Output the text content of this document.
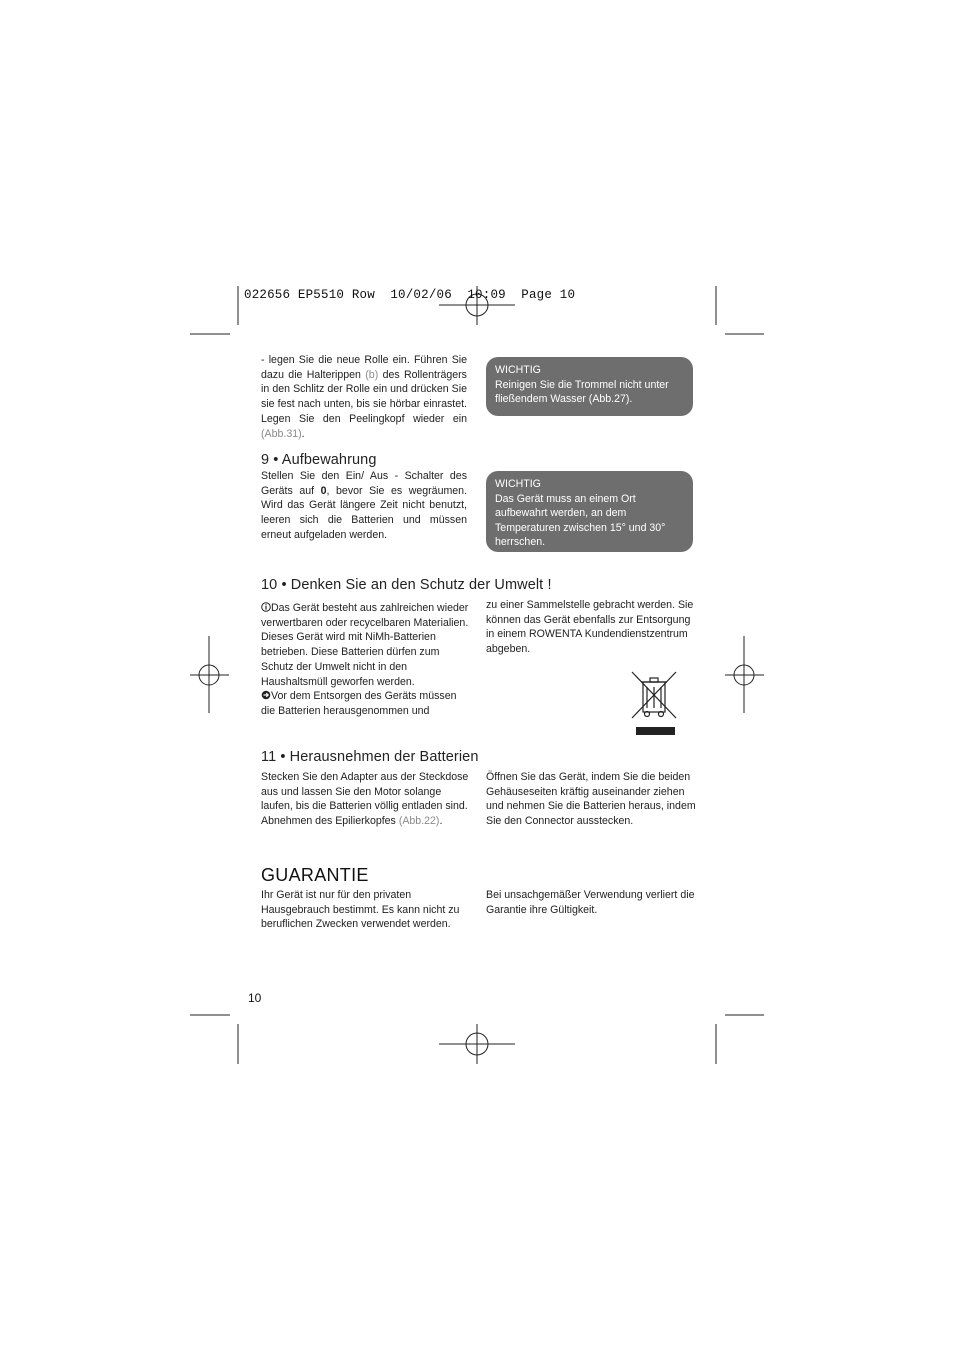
022656 EP5510 Row  10/02/06  10:09  Page 10
- legen Sie die neue Rolle ein. Führen Sie dazu die Halterippen (b) des Rollenträgers in den Schlitz der Rolle ein und drücken Sie sie fest nach unten, bis sie hörbar einrastet. Legen Sie den Peelingkopf wieder ein (Abb.31).
WICHTIG
Reinigen Sie die Trommel nicht unter fließendem Wasser (Abb.27).
9 • Aufbewahrung
Stellen Sie den Ein/ Aus - Schalter des Geräts auf 0, bevor Sie es wegräumen. Wird das Gerät längere Zeit nicht benutzt, leeren sich die Batterien und müssen erneut aufgeladen werden.
WICHTIG
Das Gerät muss an einem Ort aufbewahrt werden, an dem Temperaturen zwischen 15° und 30° herrschen.
10 • Denken Sie an den Schutz der Umwelt !
Das Gerät besteht aus zahlreichen wieder verwertbaren oder recycelbaren Materialien. Dieses Gerät wird mit NiMh-Batterien betrieben. Diese Batterien dürfen zum Schutz der Umwelt nicht in den Haushaltsmüll geworfen werden.
Vor dem Entsorgen des Geräts müssen die Batterien herausgenommen und
zu einer Sammelstelle gebracht werden. Sie können das Gerät ebenfalls zur Entsorgung in einem ROWENTA Kundendienstzentrum abgeben.
11 • Herausnehmen der Batterien
Stecken Sie den Adapter aus der Steckdose aus und lassen Sie den Motor solange laufen, bis die Batterien völlig entladen sind.
Abnehmen des Epilierkopfes (Abb.22).
Öffnen Sie das Gerät, indem Sie die beiden Gehäuseseiten kräftig auseinander ziehen und nehmen Sie die Batterien heraus, indem Sie den Connector ausstecken.
GUARANTIE
Ihr Gerät ist nur für den privaten Hausgebrauch bestimmt. Es kann nicht zu beruflichen Zwecken verwendet werden.
Bei unsachgemäßer Verwendung verliert die Garantie ihre Gültigkeit.
10
